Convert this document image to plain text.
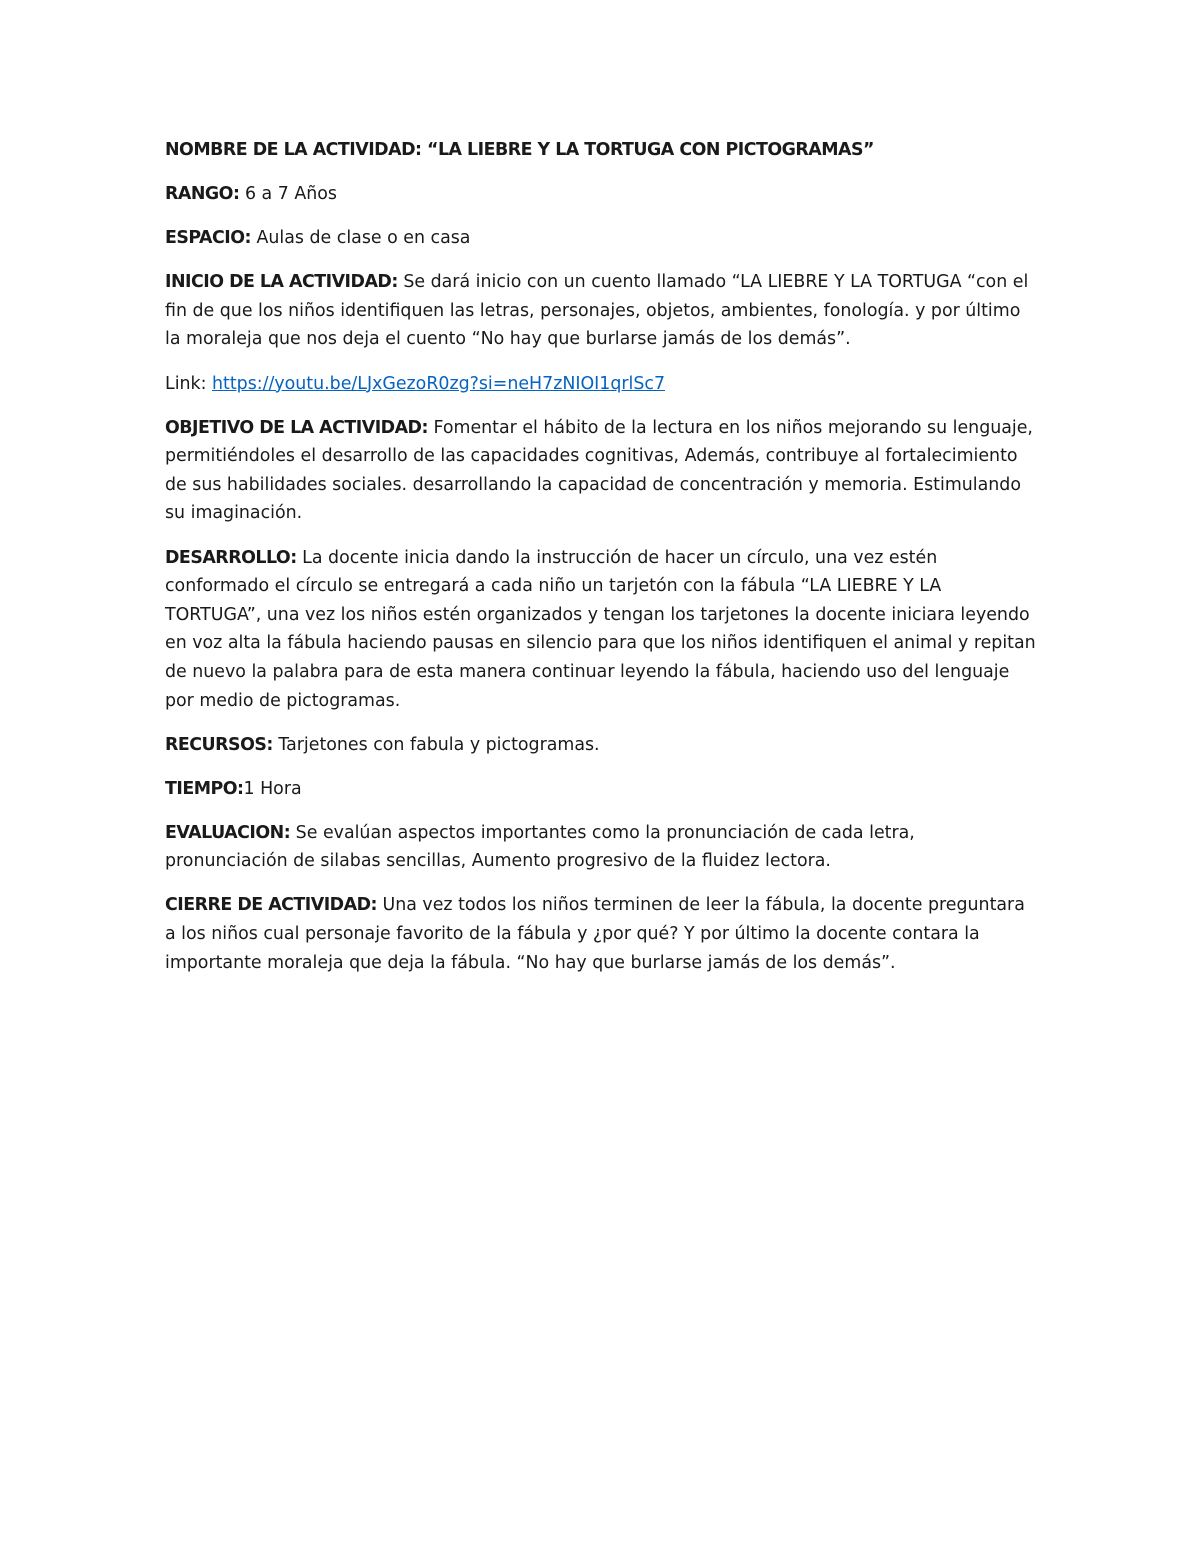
NOMBRE DE LA ACTIVIDAD: “LA LIEBRE Y LA TORTUGA CON PICTOGRAMAS”

RANGO: 6 a 7 Años

ESPACIO: Aulas de clase o en casa

INICIO DE LA ACTIVIDAD: Se dará inicio con un cuento llamado “LA LIEBRE Y LA TORTUGA “con el fin de que los niños identifiquen las letras, personajes, objetos, ambientes, fonología. y por último la moraleja que nos deja el cuento “No hay que burlarse jamás de los demás”.

Link: https://youtu.be/LJxGezoR0zg?si=neH7zNIOI1qrlSc7

OBJETIVO DE LA ACTIVIDAD: Fomentar el hábito de la lectura en los niños mejorando su lenguaje, permitiéndoles el desarrollo de las capacidades cognitivas, Además, contribuye al fortalecimiento de sus habilidades sociales. desarrollando la capacidad de concentración y memoria. Estimulando su imaginación.

DESARROLLO: La docente inicia dando la instrucción de hacer un círculo, una vez estén conformado el círculo se entregará a cada niño un tarjetón con la fábula “LA LIEBRE Y LA TORTUGA”, una vez los niños estén organizados y tengan los tarjetones la docente iniciara leyendo en voz alta la fábula haciendo pausas en silencio para que los niños identifiquen el animal y repitan de nuevo la palabra para de esta manera continuar leyendo la fábula, haciendo uso del lenguaje por medio de pictogramas.

RECURSOS: Tarjetones con fabula y pictogramas.

TIEMPO:1 Hora

EVALUACION: Se evalúan aspectos importantes como la pronunciación de cada letra, pronunciación de silabas sencillas, Aumento progresivo de la fluidez lectora.

CIERRE DE ACTIVIDAD: Una vez todos los niños terminen de leer la fábula, la docente preguntara a los niños cual personaje favorito de la fábula y ¿por qué? Y por último la docente contara la importante moraleja que deja la fábula. “No hay que burlarse jamás de los demás”.
